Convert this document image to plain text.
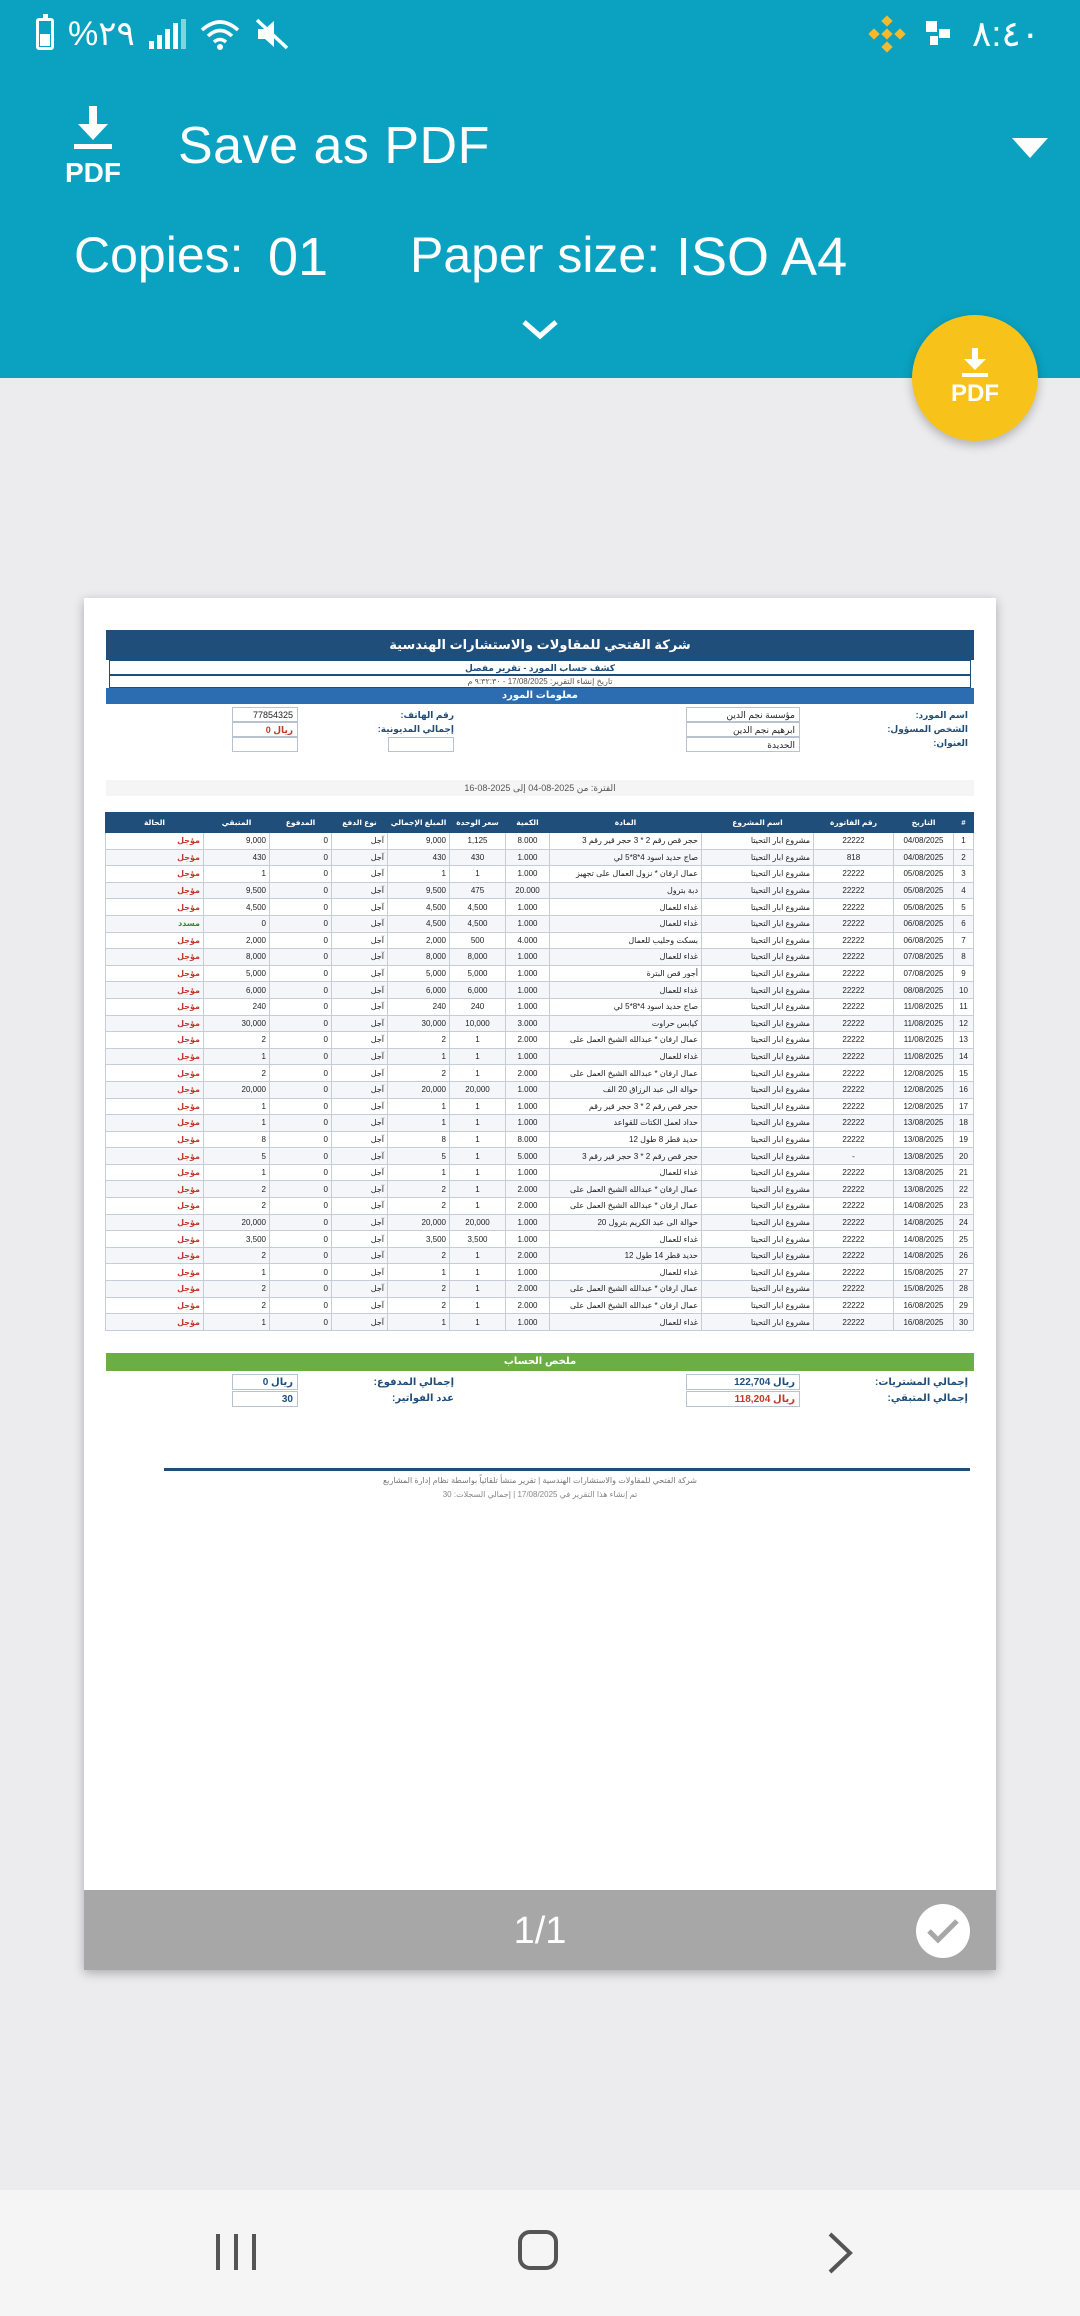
%٢٩	٨:٤٠
PDF Save as PDF
Copies: 01 Paper size: ISO A4
PDF
شركة الفتحي للمقاولات والاستشارات الهندسية
كشف حساب المورد - تقرير مفصل
تاريخ إنشاء التقرير: 17/08/2025 - ٩:٣٢:٣٠ م
معلومات المورد
اسم المورد:
مؤسسة نجم الدين
الشخص المسؤول:
ابرهيم نجم الدين
العنوان:
الحديدة
رقم الهاتف:
77854325
إجمالي المديونية:
ريال 0
الفترة: من 2025-08-04 إلى 2025-08-16
#	التاريخ	رقم الفاتورة	اسم المشروع	المادة	الكمية	سعر الوحدة	المبلغ الإجمالي	نوع الدفع	المدفوع	المتبقي	الحالة
1	04/08/2025	22222	مشروع ابار التحيتا	حجر قص رقم 2 * 3 حجر قير رقم 3	8.000	1,125	9,000	آجل	0	9,000	مؤجل
2	04/08/2025	818	مشروع ابار التحيتا	صاج حديد اسود 4*8*5 لي	1.000	430	430	آجل	0	430	مؤجل
3	05/08/2025	22222	مشروع ابار التحيتا	عمال ارفان * نزول العمال على تجهيز	1.000	1	1	آجل	0	1	مؤجل
4	05/08/2025	22222	مشروع ابار التحيتا	دبة بترول	20.000	475	9,500	آجل	0	9,500	مؤجل
5	05/08/2025	22222	مشروع ابار التحيتا	غداء للعمال	1.000	4,500	4,500	آجل	0	4,500	مؤجل
6	06/08/2025	22222	مشروع ابار التحيتا	غداء للعمال	1.000	4,500	4,500	آجل	0	0	مسدد
7	06/08/2025	22222	مشروع ابار التحيتا	بسكت وحليب للعمال	4.000	500	2,000	آجل	0	2,000	مؤجل
8	07/08/2025	22222	مشروع ابار التحيتا	غداء للعمال	1.000	8,000	8,000	آجل	0	8,000	مؤجل
9	07/08/2025	22222	مشروع ابار التحيتا	أجور قص البترة	1.000	5,000	5,000	آجل	0	5,000	مؤجل
10	08/08/2025	22222	مشروع ابار التحيتا	غداء للعمال	1.000	6,000	6,000	آجل	0	6,000	مؤجل
11	11/08/2025	22222	مشروع ابار التحيتا	صاج حديد اسود 4*8*5 لي	1.000	240	240	آجل	0	240	مؤجل
12	11/08/2025	22222	مشروع ابار التحيتا	كيابس حراوت	3.000	10,000	30,000	آجل	0	30,000	مؤجل
13	11/08/2025	22222	مشروع ابار التحيتا	عمال ارفان * عبدالله الشيخ العمل على	2.000	1	2	آجل	0	2	مؤجل
14	11/08/2025	22222	مشروع ابار التحيتا	غداء للعمال	1.000	1	1	آجل	0	1	مؤجل
15	12/08/2025	22222	مشروع ابار التحيتا	عمال ارفان * عبدالله الشيخ العمل على	2.000	1	2	آجل	0	2	مؤجل
16	12/08/2025	22222	مشروع ابار التحيتا	حوالة الى عبد الرزاق 20 الف	1.000	20,000	20,000	آجل	0	20,000	مؤجل
17	12/08/2025	22222	مشروع ابار التحيتا	حجر قص رقم 2 * 3 حجر قير رقم	1.000	1	1	آجل	0	1	مؤجل
18	13/08/2025	22222	مشروع ابار التحيتا	حداد لعمل الكتات للقواعد	1.000	1	1	آجل	0	1	مؤجل
19	13/08/2025	22222	مشروع ابار التحيتا	حديد قطر 8 طول 12	8.000	1	8	آجل	0	8	مؤجل
20	13/08/2025	-	مشروع ابار التحيتا	حجر قص رقم 2 * 3 حجر قير رقم 3	5.000	1	5	آجل	0	5	مؤجل
21	13/08/2025	22222	مشروع ابار التحيتا	غداء للعمال	1.000	1	1	آجل	0	1	مؤجل
22	13/08/2025	22222	مشروع ابار التحيتا	عمال ارفان * عبدالله الشيخ العمل على	2.000	1	2	آجل	0	2	مؤجل
23	14/08/2025	22222	مشروع ابار التحيتا	عمال ارفان * عبدالله الشيخ العمل على	2.000	1	2	آجل	0	2	مؤجل
24	14/08/2025	22222	مشروع ابار التحيتا	حوالة الى عبد الكريم بترول 20	1.000	20,000	20,000	آجل	0	20,000	مؤجل
25	14/08/2025	22222	مشروع ابار التحيتا	غداء للعمال	1.000	3,500	3,500	آجل	0	3,500	مؤجل
26	14/08/2025	22222	مشروع ابار التحيتا	حديد قطر 14 طول 12	2.000	1	2	آجل	0	2	مؤجل
27	15/08/2025	22222	مشروع ابار التحيتا	غداء للعمال	1.000	1	1	آجل	0	1	مؤجل
28	15/08/2025	22222	مشروع ابار التحيتا	عمال ارفان * عبدالله الشيخ العمل على	2.000	1	2	آجل	0	2	مؤجل
29	16/08/2025	22222	مشروع ابار التحيتا	عمال ارفان * عبدالله الشيخ العمل على	2.000	1	2	آجل	0	2	مؤجل
30	16/08/2025	22222	مشروع ابار التحيتا	غداء للعمال	1.000	1	1	آجل	0	1	مؤجل
ملخص الحساب
إجمالي المشتريات:
ريال 122,704
إجمالي المتبقي:
ريال 118,204
إجمالي المدفوع:
ريال 0
عدد الفواتير:
30
شركة الفتحي للمقاولات والاستشارات الهندسية | تقرير منشأ تلقائياً بواسطة نظام إدارة المشاريع
تم إنشاء هذا التقرير في 17/08/2025 | إجمالي السجلات: 30
1/1
